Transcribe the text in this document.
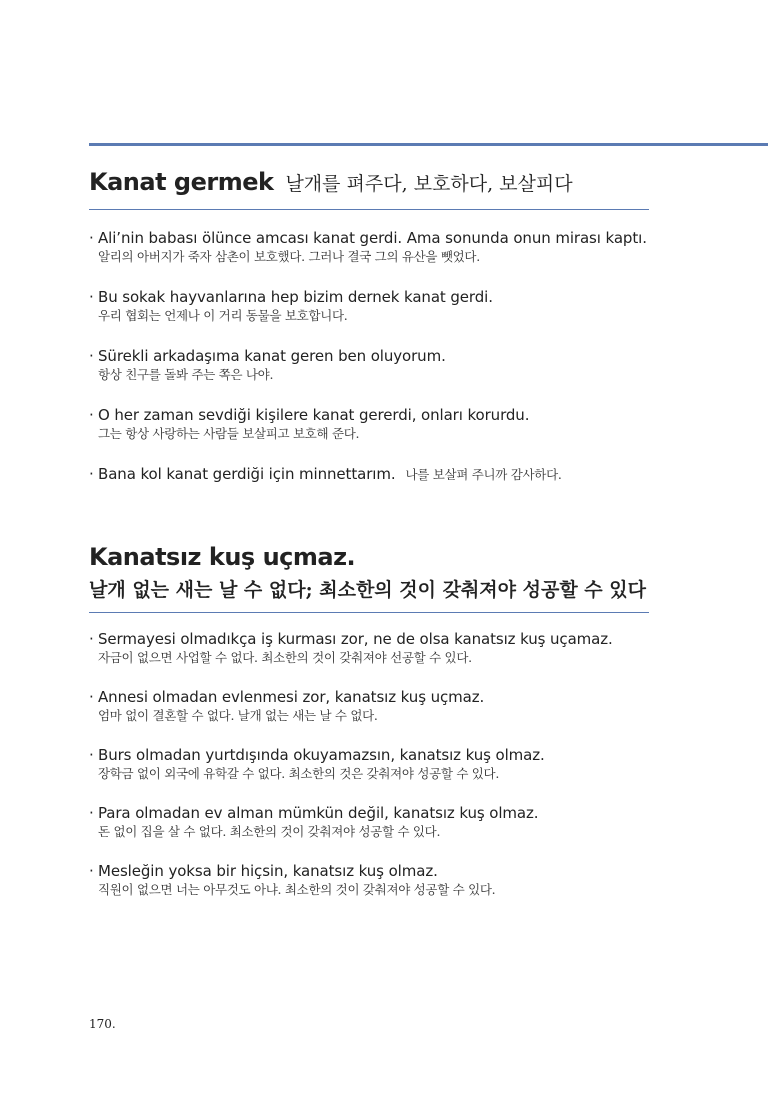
Kanat germek 날개를 펴주다, 보호하다, 보살피다
· Ali’nin babası ölünce amcası kanat gerdi. Ama sonunda onun mirası kaptı.
알리의 아버지가 죽자 삼촌이 보호했다. 그러나 결국 그의 유산을 뺏었다.
· Bu sokak hayvanlarına hep bizim dernek kanat gerdi.
우리 협회는 언제나 이 거리 동물을 보호합니다.
· Sürekli arkadaşıma kanat geren ben oluyorum.
항상 친구를 돌봐 주는 쪽은 나야.
· O her zaman sevdiği kişilere kanat gererdi, onları korurdu.
그는 항상 사랑하는 사람들 보살피고 보호해 준다.
· Bana kol kanat gerdiği için minnettarım. 나를 보살펴 주니까 감사하다.
Kanatsız kuş uçmaz.
날개 없는 새는 날 수 없다; 최소한의 것이 갖춰져야 성공할 수 있다
· Sermayesi olmadıkça iş kurması zor, ne de olsa kanatsız kuş uçamaz.
자금이 없으면 사업할 수 없다. 최소한의 것이 갖춰져야 선공할 수 있다.
· Annesi olmadan evlenmesi zor, kanatsız kuş uçmaz.
엄마 없이 결혼할 수 없다. 날개 없는 새는 날 수 없다.
· Burs olmadan yurtdışında okuyamazsın, kanatsız kuş olmaz.
장학금 없이 외국에 유학갈 수 없다. 최소한의 것은 갖춰져야 성공할 수 있다.
· Para olmadan ev alman mümkün değil, kanatsız kuş olmaz.
돈 없이 집을 살 수 없다. 최소한의 것이 갖춰져야 성공할 수 있다.
· Mesleğin yoksa bir hiçsin, kanatsız kuş olmaz.
직원이 없으면 너는 아무것도 아냐. 최소한의 것이 갖춰져야 성공할 수 있다.
170.
